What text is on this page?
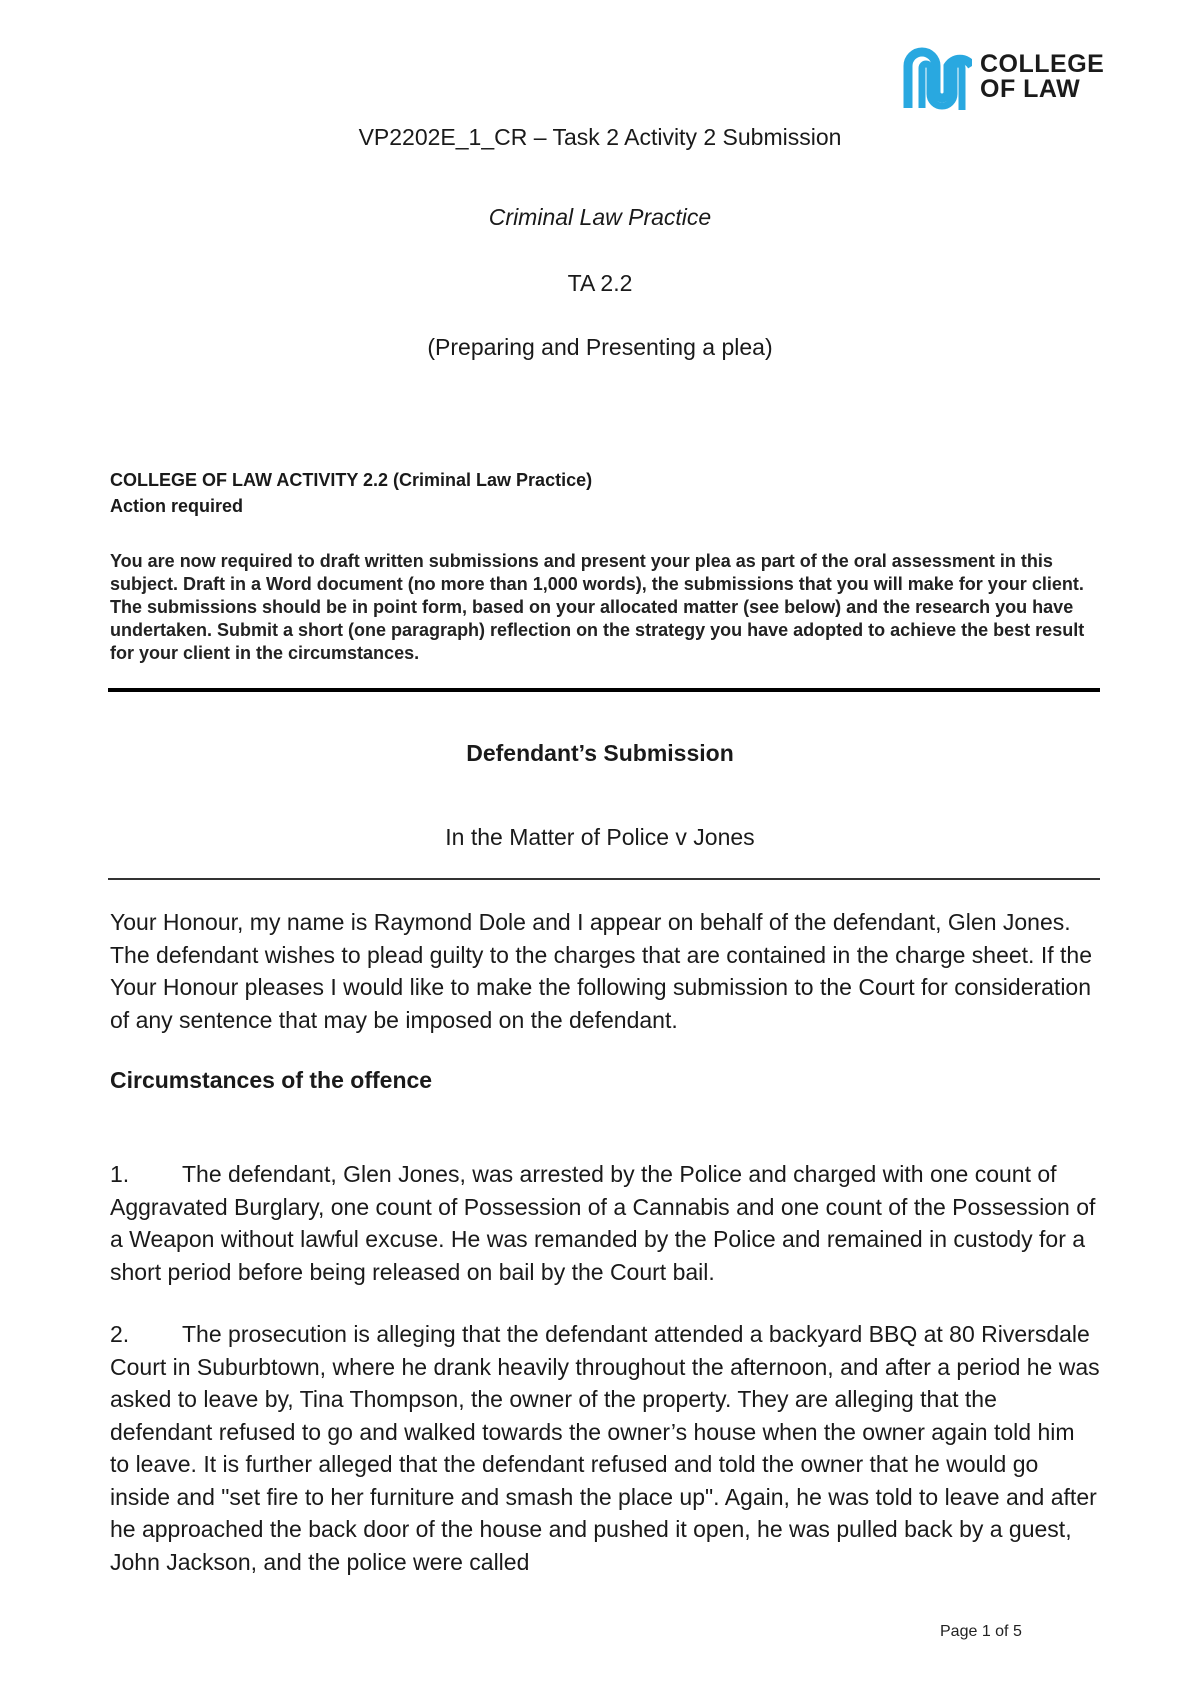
COLLEGE
OF LAW
VP2202E_1_CR – Task 2 Activity 2 Submission
Criminal Law Practice
TA 2.2
(Preparing and Presenting a plea)
COLLEGE OF LAW ACTIVITY 2.2 (Criminal Law Practice)
Action required
You are now required to draft written submissions and present your plea as part of the oral assessment in this subject. Draft in a Word document (no more than 1,000 words), the submissions that you will make for your client. The submissions should be in point form, based on your allocated matter (see below) and the research you have undertaken. Submit a short (one paragraph) reflection on the strategy you have adopted to achieve the best result for your client in the circumstances.
Defendant’s Submission
In the Matter of Police v Jones
Your Honour, my name is Raymond Dole and I appear on behalf of the defendant, Glen Jones. The defendant wishes to plead guilty to the charges that are contained in the charge sheet. If the Your Honour pleases I would like to make the following submission to the Court for consideration of any sentence that may be imposed on the defendant.
Circumstances of the offence
1. The defendant, Glen Jones, was arrested by the Police and charged with one count of Aggravated Burglary, one count of Possession of a Cannabis and one count of the Possession of a Weapon without lawful excuse. He was remanded by the Police and remained in custody for a short period before being released on bail by the Court bail.
2. The prosecution is alleging that the defendant attended a backyard BBQ at 80 Riversdale Court in Suburbtown, where he drank heavily throughout the afternoon, and after a period he was asked to leave by, Tina Thompson, the owner of the property. They are alleging that the defendant refused to go and walked towards the owner’s house when the owner again told him to leave. It is further alleged that the defendant refused and told the owner that he would go inside and "set fire to her furniture and smash the place up". Again, he was told to leave and after he approached the back door of the house and pushed it open, he was pulled back by a guest, John Jackson, and the police were called
Page 1 of 5
